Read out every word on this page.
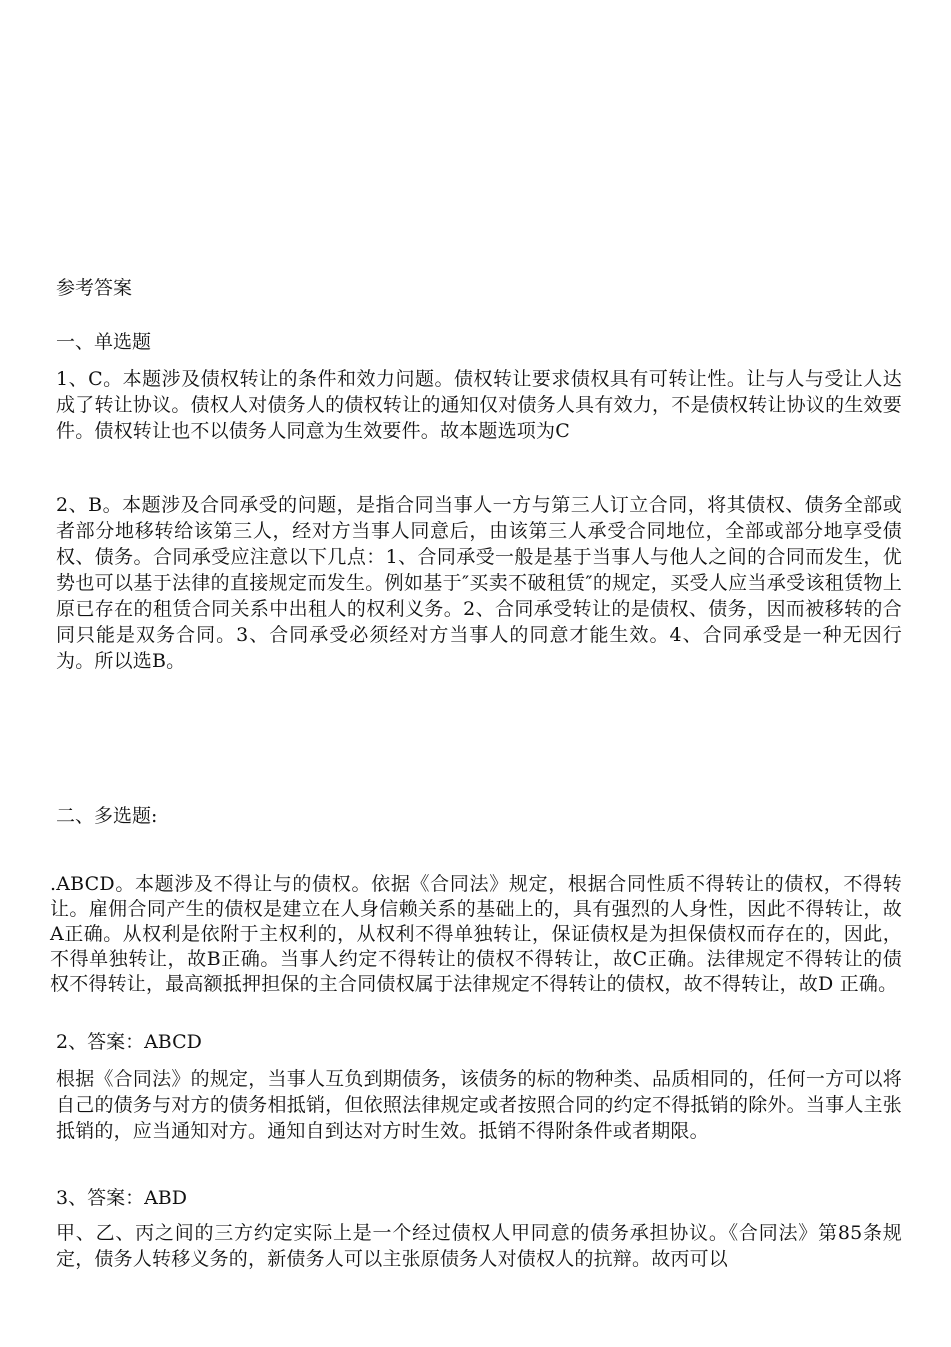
参考答案
一、单选题
1、C。本题涉及债权转让的条件和效力问题。债权转让要求债权具有可转让性。让与人与受让人达成了转让协议。债权人对债务人的债权转让的通知仅对债务人具有效力，不是债权转让协议的生效要件。债权转让也不以债务人同意为生效要件。故本题选项为C
2、B。本题涉及合同承受的问题，是指合同当事人一方与第三人订立合同，将其债权、债务全部或者部分地移转给该第三人，经对方当事人同意后，由该第三人承受合同地位，全部或部分地享受债权、债务。合同承受应注意以下几点：1、合同承受一般是基于当事人与他人之间的合同而发生，优势也可以基于法律的直接规定而发生。例如基于″买卖不破租赁″的规定，买受人应当承受该租赁物上原已存在的租赁合同关系中出租人的权利义务。2、合同承受转让的是债权、债务，因而被移转的合同只能是双务合同。3、合同承受必须经对方当事人的同意才能生效。4、合同承受是一种无因行为。所以选B。
二、多选题:
.ABCD。本题涉及不得让与的债权。依据《合同法》规定，根据合同性质不得转让的债权，不得转让。雇佣合同产生的债权是建立在人身信赖关系的基础上的，具有强烈的人身性，因此不得转让，故A正确。从权利是依附于主权利的，从权利不得单独转让，保证债权是为担保债权而存在的，因此，不得单独转让，故B正确。当事人约定不得转让的债权不得转让，故C正确。法律规定不得转让的债权不得转让，最高额抵押担保的主合同债权属于法律规定不得转让的债权，故不得转让，故D 正确。
2、答案：ABCD
根据《合同法》的规定，当事人互负到期债务，该债务的标的物种类、品质相同的，任何一方可以将自己的债务与对方的债务相抵销，但依照法律规定或者按照合同的约定不得抵销的除外。当事人主张抵销的，应当通知对方。通知自到达对方时生效。抵销不得附条件或者期限。
3、答案：ABD
甲、乙、丙之间的三方约定实际上是一个经过债权人甲同意的债务承担协议。《合同法》第85条规定，债务人转移义务的，新债务人可以主张原债务人对债权人的抗辩。故丙可以
